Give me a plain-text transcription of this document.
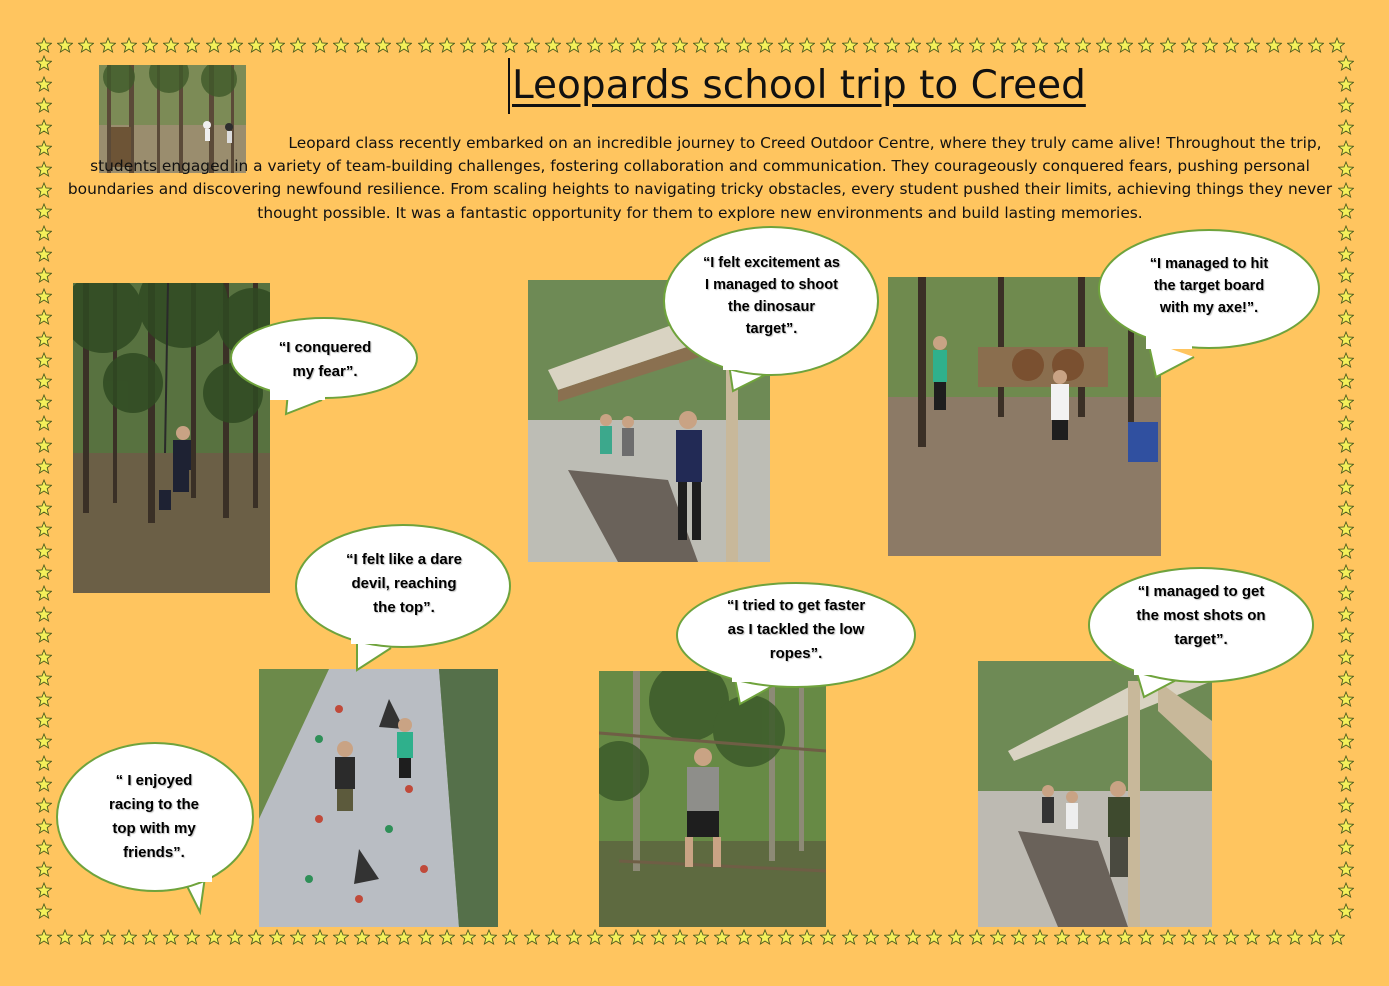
Leopards school trip to Creed
Leopard class recently embarked on an incredible journey to Creed Outdoor Centre, where they truly came alive! Throughout the trip, students engaged in a variety of team-building challenges, fostering collaboration and communication. They courageously conquered fears, pushing personal boundaries and discovering newfound resilience. From scaling heights to navigating tricky obstacles, every student pushed their limits, achieving things they never thought possible. It was a fantastic opportunity for them to explore new environments and build lasting memories.
“I conquered my fear”.
“I felt excitement as I managed to shoot the dinosaur target”.
“I managed to hit the target board with my axe!”.
“I felt like a dare devil, reaching the top”.	“I tried to get faster as I tackled the low ropes”.
“I managed to get the most shots on target”.
“ I enjoyed racing to the top with my friends”.
